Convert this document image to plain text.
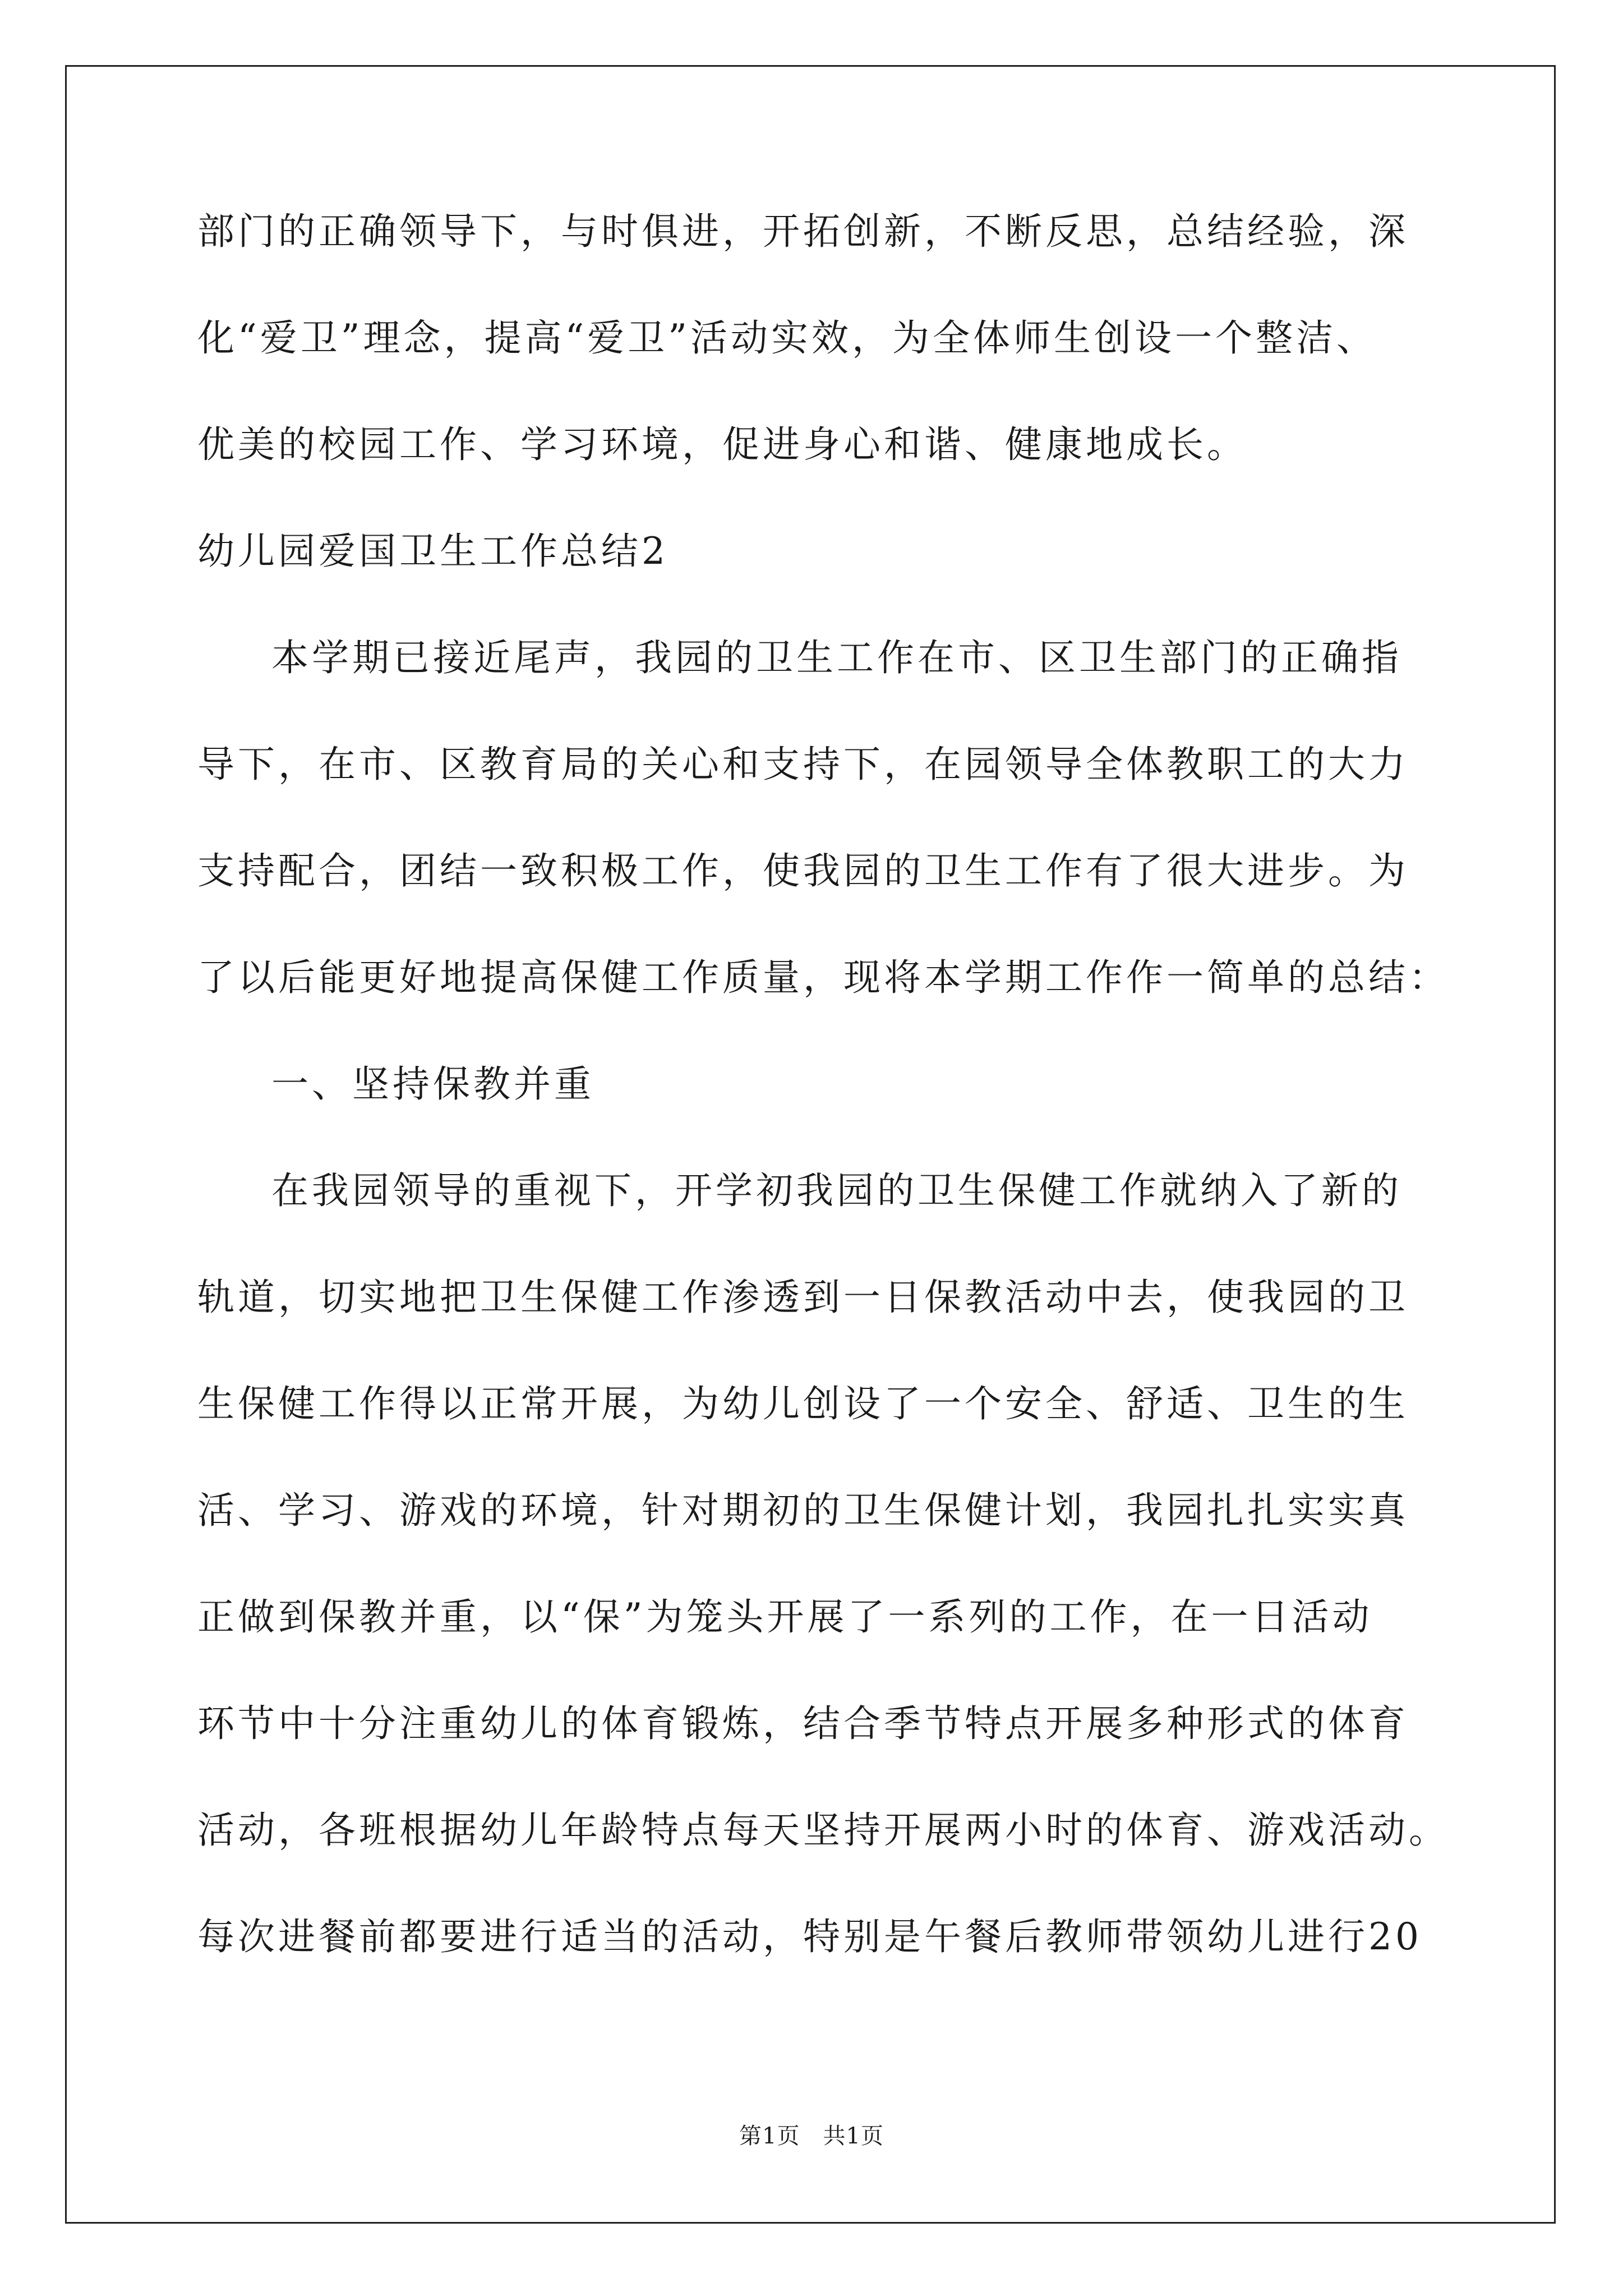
部门的正确领导下，与时俱进，开拓创新，不断反思，总结经验，深
化“爱卫”理念，提高“爱卫”活动实效，为全体师生创设一个整洁、
优美的校园工作、学习环境，促进身心和谐、健康地成长。
幼儿园爱国卫生工作总结2
本学期已接近尾声，我园的卫生工作在市、区卫生部门的正确指
导下，在市、区教育局的关心和支持下，在园领导全体教职工的大力
支持配合，团结一致积极工作，使我园的卫生工作有了很大进步。为
了以后能更好地提高保健工作质量，现将本学期工作作一简单的总结：
一、坚持保教并重
在我园领导的重视下，开学初我园的卫生保健工作就纳入了新的
轨道，切实地把卫生保健工作渗透到一日保教活动中去，使我园的卫
生保健工作得以正常开展，为幼儿创设了一个安全、舒适、卫生的生
活、学习、游戏的环境，针对期初的卫生保健计划，我园扎扎实实真
正做到保教并重，以“保”为笼头开展了一系列的工作，在一日活动
环节中十分注重幼儿的体育锻炼，结合季节特点开展多种形式的体育
活动，各班根据幼儿年龄特点每天坚持开展两小时的体育、游戏活动。
每次进餐前都要进行适当的活动，特别是午餐后教师带领幼儿进行20
第1页　共1页
